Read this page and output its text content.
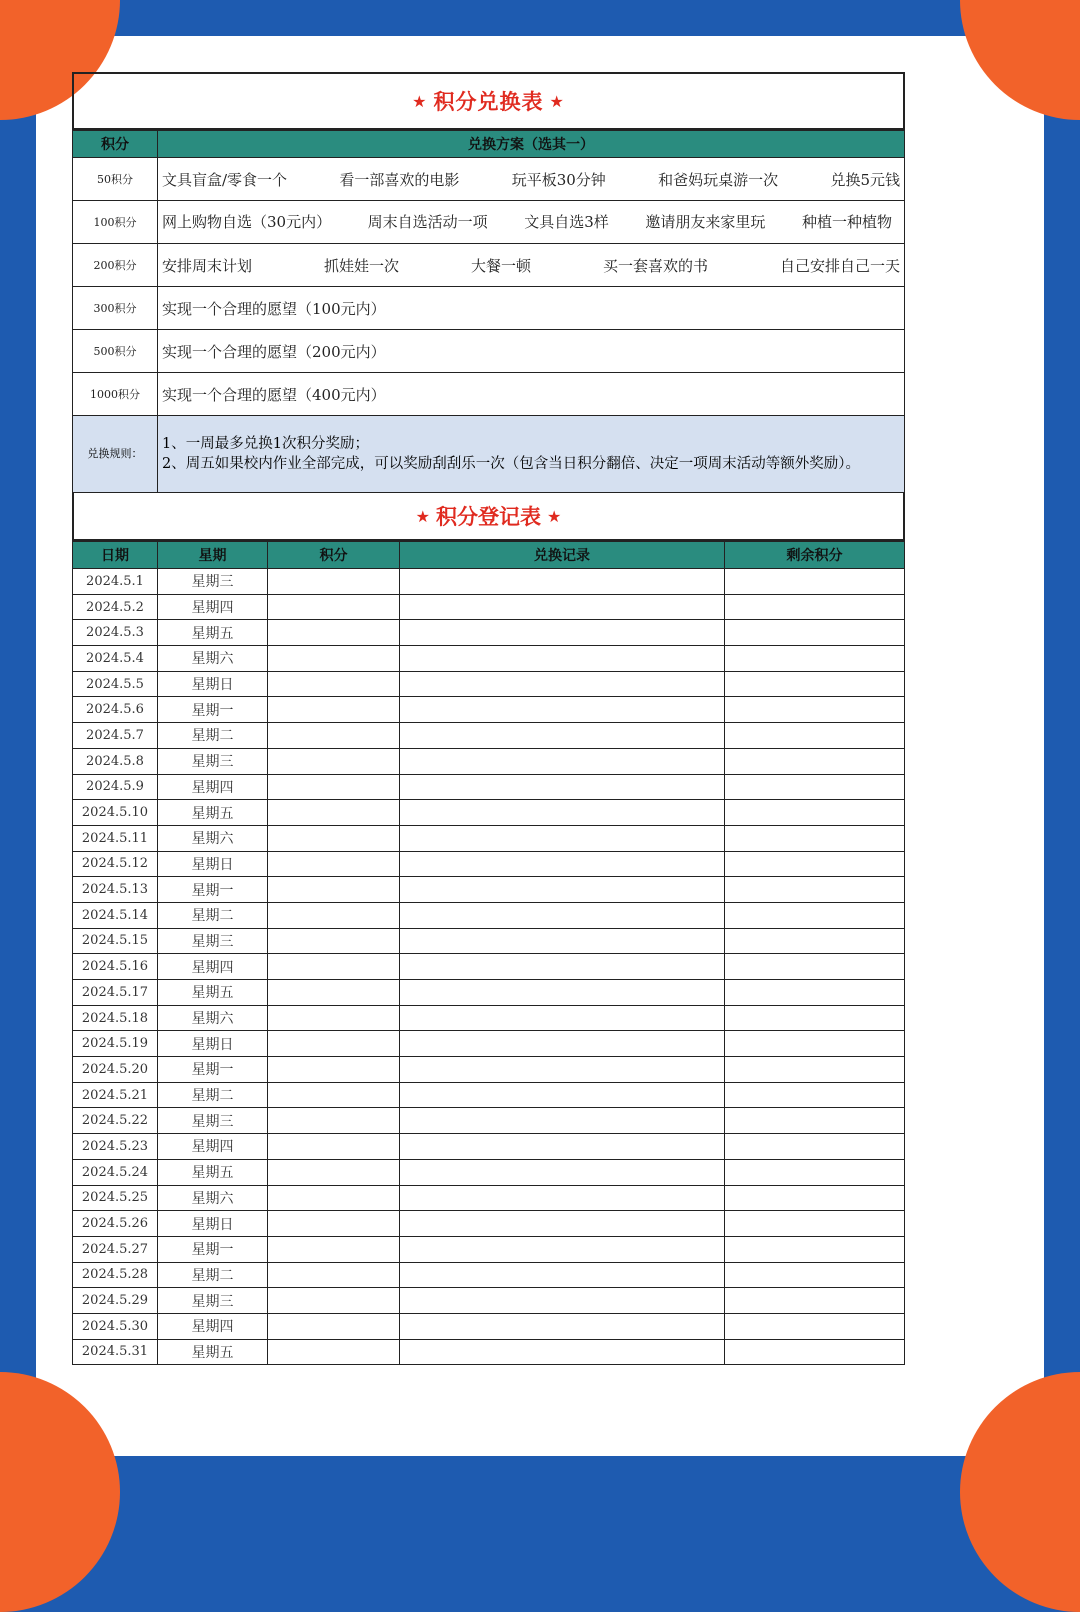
★ 积分兑换表 ★
积分	兑换方案（选其一）
50积分	文具盲盒/零食一个 看一部喜欢的电影 玩平板30分钟 和爸妈玩桌游一次 兑换5元钱

100积分	网上购物自选（30元内） 周末自选活动一项 文具自选3样 邀请朋友来家里玩 种植一种植物

200积分	安排周末计划 抓娃娃一次 大餐一顿 买一套喜欢的书 自己安排自己一天

300积分	实现一个合理的愿望（100元内）

500积分	实现一个合理的愿望（200元内）

1000积分	实现一个合理的愿望（400元内）

兑换规则：	1、一周最多兑换1次积分奖励；
2、周五如果校内作业全部完成，可以奖励刮刮乐一次（包含当日积分翻倍、决定一项周末活动等额外奖励）。
★ 积分登记表 ★
日期	星期	积分	兑换记录	剩余积分
2024.5.1	星期三			
2024.5.2	星期四			
2024.5.3	星期五			
2024.5.4	星期六			
2024.5.5	星期日			
2024.5.6	星期一			
2024.5.7	星期二			
2024.5.8	星期三			
2024.5.9	星期四			
2024.5.10	星期五			
2024.5.11	星期六			
2024.5.12	星期日			
2024.5.13	星期一			
2024.5.14	星期二			
2024.5.15	星期三			
2024.5.16	星期四			
2024.5.17	星期五			
2024.5.18	星期六			
2024.5.19	星期日			
2024.5.20	星期一			
2024.5.21	星期二			
2024.5.22	星期三			
2024.5.23	星期四			
2024.5.24	星期五			
2024.5.25	星期六			
2024.5.26	星期日			
2024.5.27	星期一			
2024.5.28	星期二			
2024.5.29	星期三			
2024.5.30	星期四			
2024.5.31	星期五			
